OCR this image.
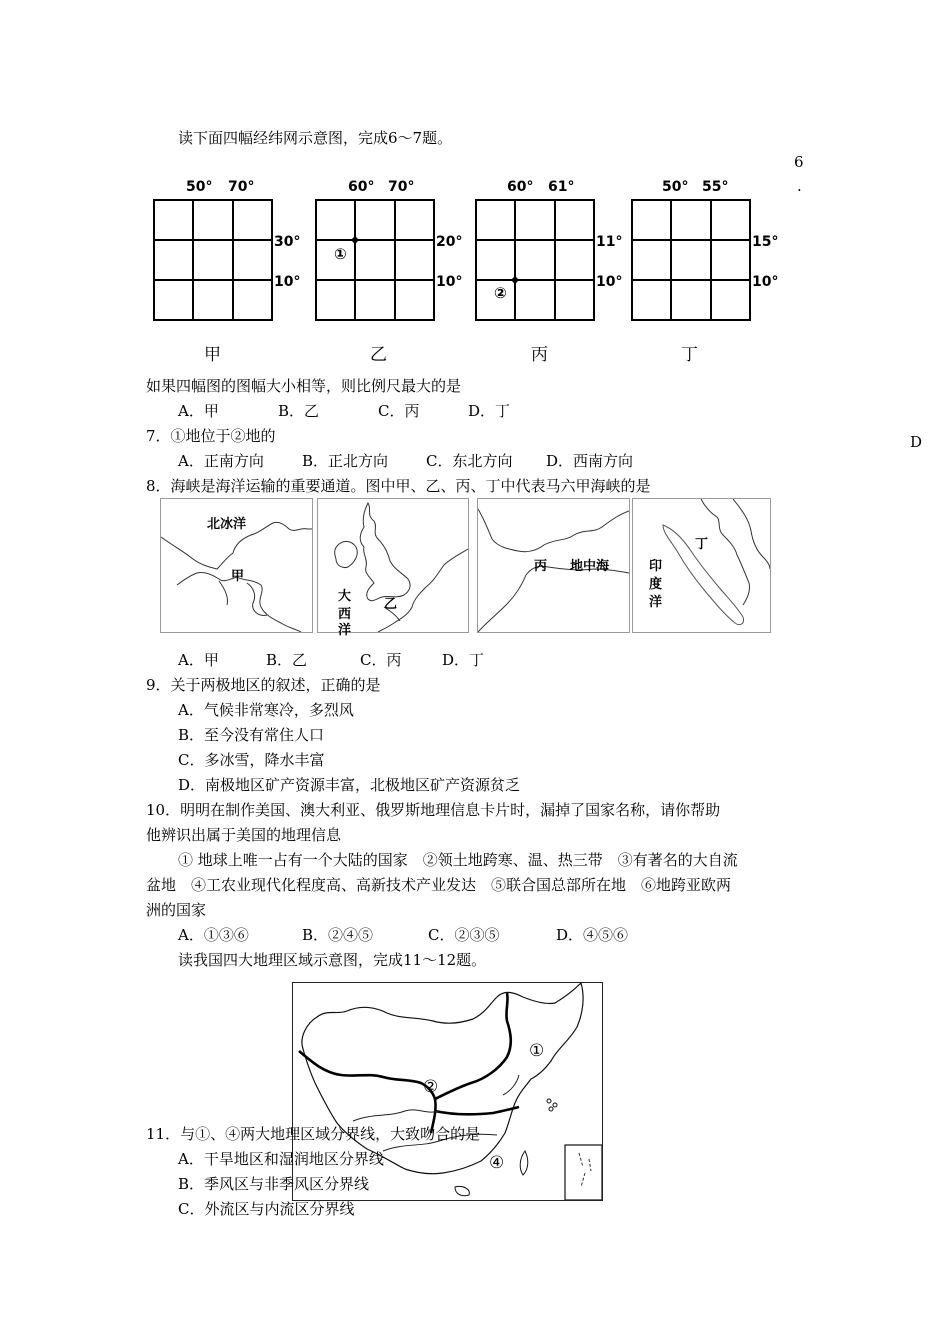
读下面四幅经纬网示意图，完成6～7题。
6
.
50° 70°
30°
10°
甲
60° 70°
①
20°
10°
乙
60° 61°
②
11°
10°
丙
50° 55°
15°
10°
丁
如果四幅图的图幅大小相等，则比例尺最大的是
A．甲	B．乙	C．丙	D．丁
7．①地位于②地的	D
A．正南方向	B．正北方向	C．东北方向 D．西南方向
8．海峡是海洋运输的重要通道。图中甲、乙、丙、丁中代表马六甲海峡的是
北冰洋
甲
大
西
洋
乙
丙 地中海
丁
印
度
洋
A．甲	B．乙	C．丙	D．丁
9．关于两极地区的叙述，正确的是
A．气候非常寒冷，多烈风
B．至今没有常住人口
C．多冰雪，降水丰富
D．南极地区矿产资源丰富，北极地区矿产资源贫乏
10．明明在制作美国、澳大利亚、俄罗斯地理信息卡片时，漏掉了国家名称，请你帮助
他辨识出属于美国的地理信息
① 地球上唯一占有一个大陆的国家　②领土地跨寒、温、热三带　③有著名的大自流
盆地　④工农业现代化程度高、高新技术产业发达　⑤联合国总部所在地　⑥地跨亚欧两
洲的国家
A．①③⑥	B．②④⑤	C．②③⑤	D．④⑤⑥
读我国四大地理区域示意图，完成11～12题。
①
②
④
11．与①、④两大地理区域分界线，大致吻合的是
A．干旱地区和湿润地区分界线
B．季风区与非季风区分界线
C．外流区与内流区分界线
